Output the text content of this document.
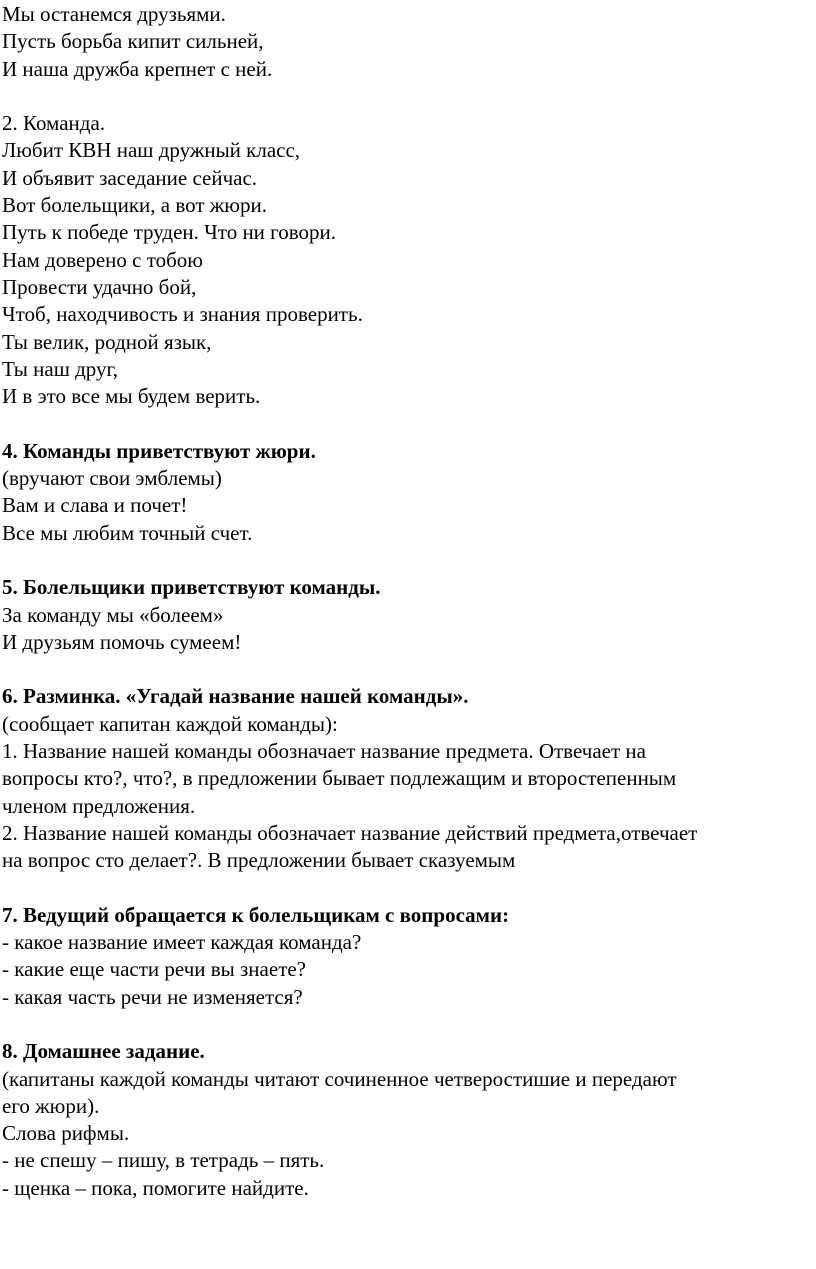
Мы останемся друзьями.
Пусть борьба кипит сильней,
И наша дружба крепнет с ней.
2. Команда.
Любит КВН наш дружный класс,
И объявит заседание сейчас.
Вот болельщики, а вот жюри.
Путь к победе труден. Что ни говори.
Нам доверено с тобою
Провести удачно бой,
Чтоб, находчивость и знания проверить.
Ты велик, родной язык,
Ты наш друг,
И в это все мы будем верить.
4. Команды приветствуют жюри.
(вручают свои эмблемы)
Вам и слава и почет!
Все мы любим точный счет.
5. Болельщики приветствуют команды.
За команду мы «болеем»
И друзьям помочь сумеем!
6. Разминка. «Угадай название нашей команды».
(сообщает капитан каждой команды):
1. Название нашей команды обозначает название предмета. Отвечает на
вопросы кто?, что?, в предложении бывает подлежащим и второстепенным
членом предложения.
2. Название нашей команды обозначает название действий предмета,отвечает
на вопрос сто делает?. В предложении бывает сказуемым
7. Ведущий обращается к болельщикам с вопросами:
- какое название имеет каждая команда?
- какие еще части речи вы знаете?
- какая часть речи не изменяется?
8. Домашнее задание.
(капитаны каждой команды читают сочиненное четверостишие и передают
его жюри).
Слова рифмы.
- не спешу – пишу, в тетрадь – пять.
- щенка – пока, помогите найдите.
